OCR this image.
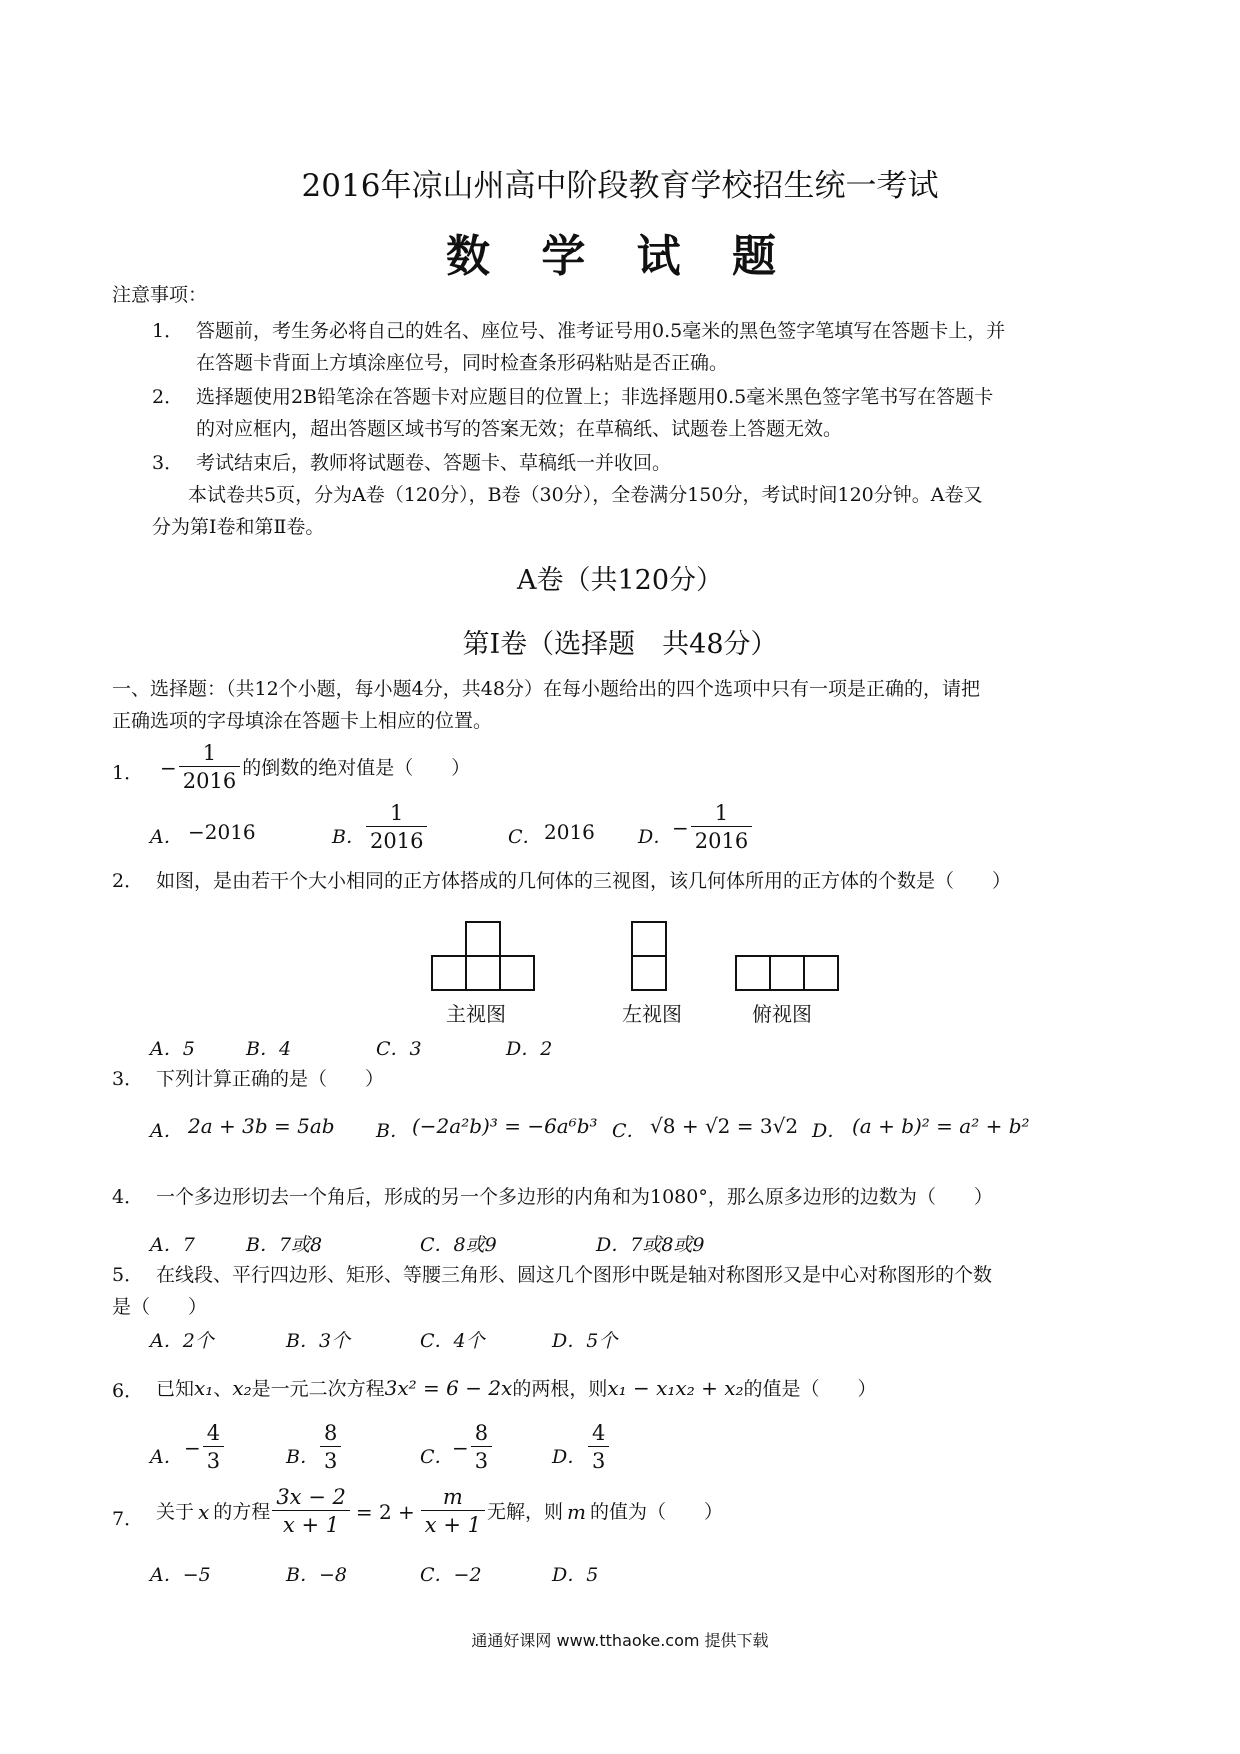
2016年凉山州高中阶段教育学校招生统一考试
数 学 试 题
注意事项：
1． 答题前，考生务必将自己的姓名、座位号、准考证号用0.5毫米的黑色签字笔填写在答题卡上，并
在答题卡背面上方填涂座位号，同时检查条形码粘贴是否正确。
2． 选择题使用2B铅笔涂在答题卡对应题目的位置上；非选择题用0.5毫米黑色签字笔书写在答题卡
的对应框内，超出答题区域书写的答案无效；在草稿纸、试题卷上答题无效。
3． 考试结束后，教师将试题卷、答题卡、草稿纸一并收回。
本试卷共5页，分为A卷（120分），B卷（30分），全卷满分150分，考试时间120分钟。A卷又
分为第Ⅰ卷和第Ⅱ卷。
A卷（共120分）
第Ⅰ卷（选择题　共48分）
一、选择题：（共12个小题，每小题4分，共48分）在每小题给出的四个选项中只有一项是正确的，请把
正确选项的字母填涂在答题卡上相应的位置。
1． − $\frac{1}{2016}$ 的倒数的绝对值是（　　）
A． −2016	B． $\frac{1}{2016}$	C． 2016 D． − $\frac{1}{2016}$
2． 如图，是由若干个大小相同的正方体搭成的几何体的三视图，该几何体所用的正方体的个数是（　　）
主视图	左视图	俯视图
A．5	B．4	C．3	D．2
3． 下列计算正确的是（　　）
A． 2a + 3b = 5ab B． (−2a²b)³ = −6a⁶b³ C． √8 + √2 = 3√2 D． (a + b)² = a² + b²
4． 一个多边形切去一个角后，形成的另一个多边形的内角和为1080°，那么原多边形的边数为（　　）
A．7	B．7或8	C．8或9	D．7或8或9
5． 在线段、平行四边形、矩形、等腰三角形、圆这几个图形中既是轴对称图形又是中心对称图形的个数
是（　　）
A．2个	B．3个	C．4个	D．5个
6． 已知 x₁ 、 x₂ 是一元二次方程 3x² = 6 − 2x 的两根，则 x₁ − x₁x₂ + x₂ 的值是（　　）
A． − $\frac{4}{3}$	B． $\frac{8}{3}$	C．
− $\frac{8}{3}$	D． $\frac{4}{3}$
7． 关于 x 的方程 $\frac{3x - 2}{x + 1} = 2 + \frac{m}{x + 1}$ 无解，则 m 的值为（　　）
A．−5	B．−8	C．−2	D．5
通通好课网 www.tthaoke.com 提供下载
